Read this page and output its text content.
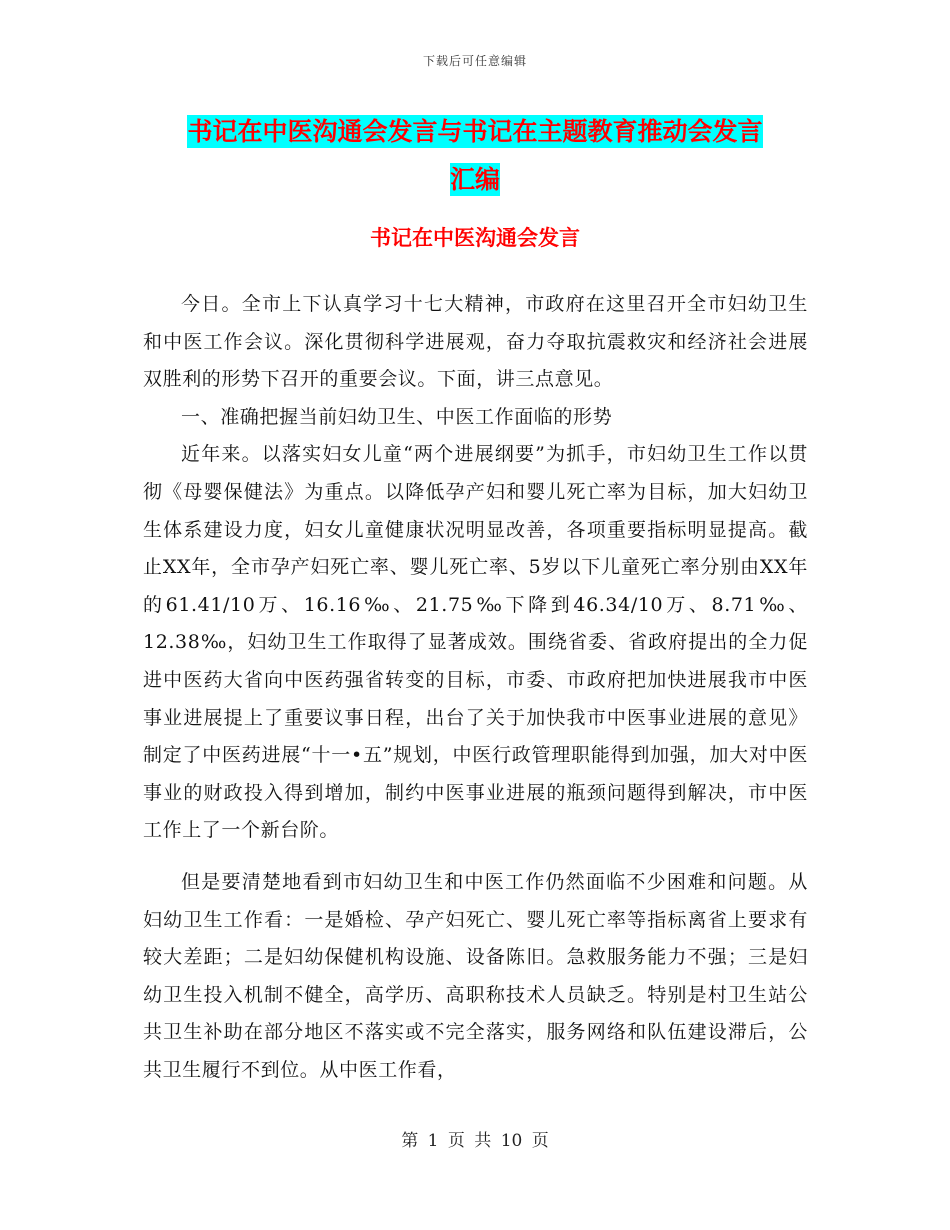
下载后可任意编辑
书记在中医沟通会发言与书记在主题教育推动会发言
汇编
书记在中医沟通会发言

今日。全市上下认真学习十七大精神，市政府在这里召开全市妇幼卫生和中医工作会议。深化贯彻科学进展观，奋力夺取抗震救灾和经济社会进展双胜利的形势下召开的重要会议。下面，讲三点意见。

一、准确把握当前妇幼卫生、中医工作面临的形势

近年来。以落实妇女儿童“两个进展纲要”为抓手，市妇幼卫生工作以贯彻《母婴保健法》为重点。以降低孕产妇和婴儿死亡率为目标，加大妇幼卫生体系建设力度，妇女儿童健康状况明显改善，各项重要指标明显提高。截止XX年，全市孕产妇死亡率、婴儿死亡率、5岁以下儿童死亡率分别由XX年的61.41/10万、16.16‰、21.75‰下降到46.34/10万、8.71‰、12.38‰，妇幼卫生工作取得了显著成效。围绕省委、省政府提出的全力促进中医药大省向中医药强省转变的目标，市委、市政府把加快进展我市中医事业进展提上了重要议事日程，出台了关于加快我市中医事业进展的意见》制定了中医药进展“十一•五”规划，中医行政管理职能得到加强，加大对中医事业的财政投入得到增加，制约中医事业进展的瓶颈问题得到解决，市中医工作上了一个新台阶。

但是要清楚地看到市妇幼卫生和中医工作仍然面临不少困难和问题。从妇幼卫生工作看：一是婚检、孕产妇死亡、婴儿死亡率等指标离省上要求有较大差距；二是妇幼保健机构设施、设备陈旧。急救服务能力不强；三是妇幼卫生投入机制不健全，高学历、高职称技术人员缺乏。特别是村卫生站公共卫生补助在部分地区不落实或不完全落实，服务网络和队伍建设滞后，公共卫生履行不到位。从中医工作看，

第 1 页 共 10 页
